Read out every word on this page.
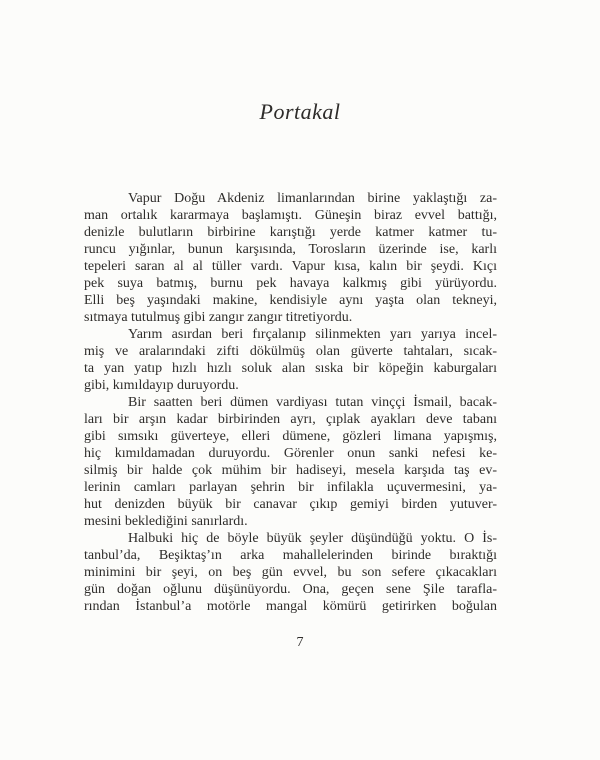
Portakal
Vapur Doğu Akdeniz limanlarından birine yaklaştığı za-
man ortalık kararmaya başlamıştı. Güneşin biraz evvel battığı,
denizle bulutların birbirine karıştığı yerde katmer katmer tu-
runcu yığınlar, bunun karşısında, Torosların üzerinde ise, karlı
tepeleri saran al al tüller vardı. Vapur kısa, kalın bir şeydi. Kıçı
pek suya batmış, burnu pek havaya kalkmış gibi yürüyordu.
Elli beş yaşındaki makine, kendisiyle aynı yaşta olan tekneyi,
sıtmaya tutulmuş gibi zangır zangır titretiyordu.
Yarım asırdan beri fırçalanıp silinmekten yarı yarıya incel-
miş ve aralarındaki zifti dökülmüş olan güverte tahtaları, sıcak-
ta yan yatıp hızlı hızlı soluk alan sıska bir köpeğin kaburgaları
gibi, kımıldayıp duruyordu.
Bir saatten beri dümen vardiyası tutan vinççi İsmail, bacak-
ları bir arşın kadar birbirinden ayrı, çıplak ayakları deve tabanı
gibi sımsıkı güverteye, elleri dümene, gözleri limana yapışmış,
hiç kımıldamadan duruyordu. Görenler onun sanki nefesi ke-
silmiş bir halde çok mühim bir hadiseyi, mesela karşıda taş ev-
lerinin camları parlayan şehrin bir infilakla uçuvermesini, ya-
hut denizden büyük bir canavar çıkıp gemiyi birden yutuver-
mesini beklediğini sanırlardı.
Halbuki hiç de böyle büyük şeyler düşündüğü yoktu. O İs-
tanbul’da, Beşiktaş’ın arka mahallelerinden birinde bıraktığı
minimini bir şeyi, on beş gün evvel, bu son sefere çıkacakları
gün doğan oğlunu düşünüyordu. Ona, geçen sene Şile tarafla-
rından İstanbul’a motörle mangal kömürü getirirken boğulan
7
